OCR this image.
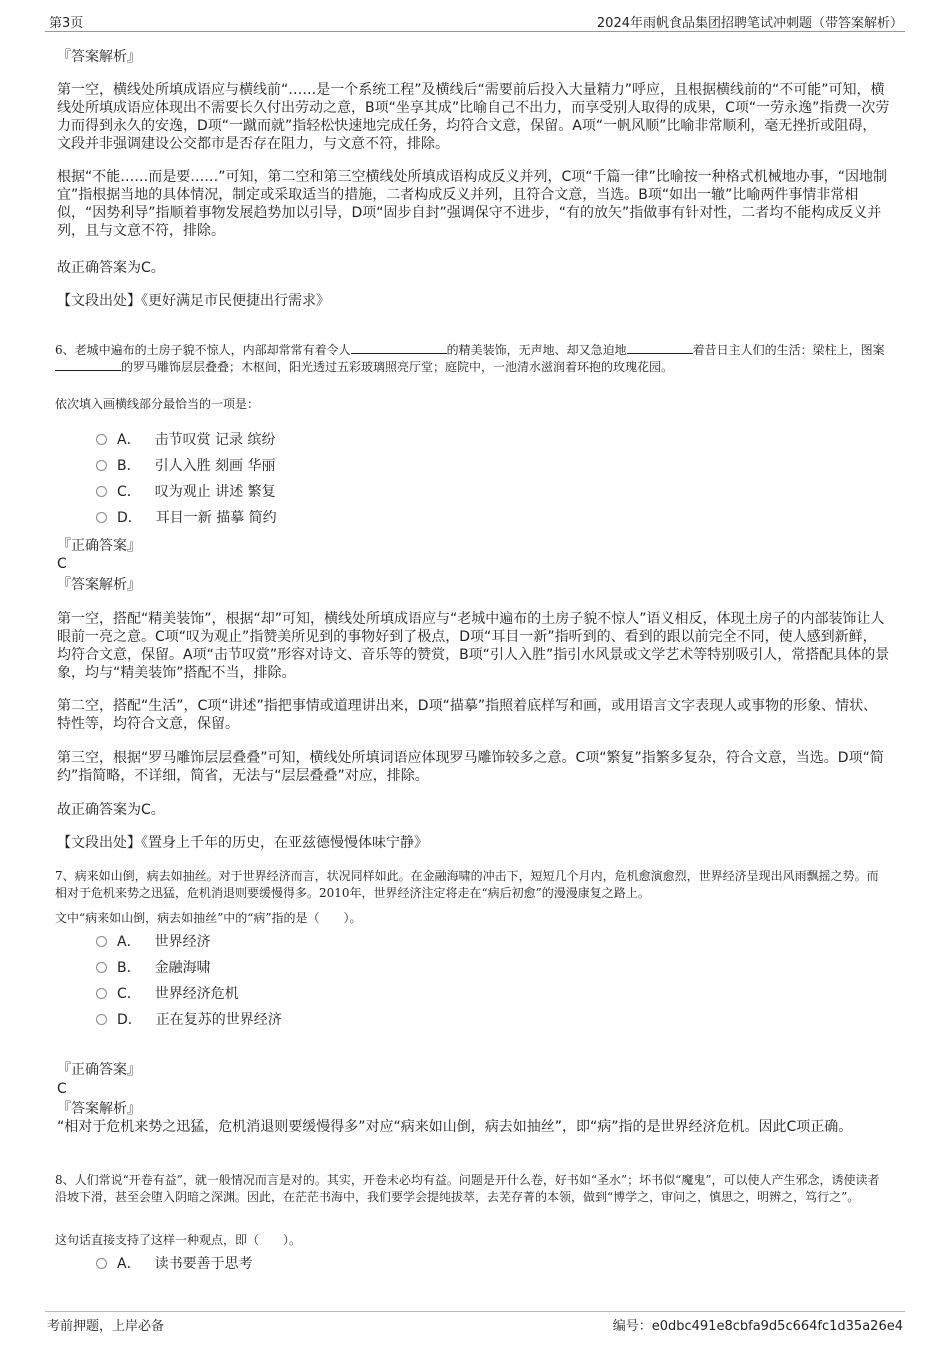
第3页	2024年雨帆食品集团招聘笔试冲刺题（带答案解析）
『答案解析』
第一空，横线处所填成语应与横线前“……是一个系统工程”及横线后“需要前后投入大量精力”呼应，且根据横线前的“不可能”可知，横线处所填成语应体现出不需要长久付出劳动之意，B项“坐享其成”比喻自己不出力，而享受别人取得的成果，C项“一劳永逸”指费一次劳力而得到永久的安逸，D项“一蹴而就”指轻松快速地完成任务，均符合文意，保留。A项“一帆风顺”比喻非常顺利，毫无挫折或阻碍，文段并非强调建设公交都市是否存在阻力，与文意不符，排除。
根据“不能……而是要……”可知，第二空和第三空横线处所填成语构成反义并列，C项“千篇一律”比喻按一种格式机械地办事，“因地制宜”指根据当地的具体情况，制定或采取适当的措施，二者构成反义并列，且符合文意，当选。B项“如出一辙”比喻两件事情非常相似，“因势利导”指顺着事物发展趋势加以引导，D项“固步自封”强调保守不进步，“有的放矢”指做事有针对性，二者均不能构成反义并列，且与文意不符，排除。
故正确答案为C。
【文段出处】《更好满足市民便捷出行需求》
6、老城中遍布的土房子貌不惊人，内部却常常有着令人	的精美装饰，无声地、却又急迫地	着昔日主人们的生活：梁柱上，图案的罗马雕饰层层叠叠；木枢间，阳光透过五彩玻璃照亮厅堂；庭院中，一池清水滋润着环抱的玫瑰花园。
依次填入画横线部分最恰当的一项是：
A． 击节叹赏 记录 缤纷
B． 引人入胜 刻画 华丽
C． 叹为观止 讲述 繁复
D． 耳目一新 描摹 简约
『正确答案』
C
『答案解析』
第一空，搭配“精美装饰”，根据“却”可知，横线处所填成语应与“老城中遍布的土房子貌不惊人”语义相反，体现土房子的内部装饰让人眼前一亮之意。C项“叹为观止”指赞美所见到的事物好到了极点，D项“耳目一新”指听到的、看到的跟以前完全不同，使人感到新鲜，均符合文意，保留。A项“击节叹赏”形容对诗文、音乐等的赞赏，B项“引人入胜”指引水风景或文学艺术等特别吸引人，常搭配具体的景象，均与“精美装饰”搭配不当，排除。
第二空，搭配“生活”，C项“讲述”指把事情或道理讲出来，D项“描摹”指照着底样写和画，或用语言文字表现人或事物的形象、情状、特性等，均符合文意，保留。
第三空，根据“罗马雕饰层层叠叠”可知，横线处所填词语应体现罗马雕饰较多之意。C项“繁复”指繁多复杂，符合文意，当选。D项“简约”指简略，不详细，简省，无法与“层层叠叠”对应，排除。
故正确答案为C。
【文段出处】《置身上千年的历史，在亚兹德慢慢体味宁静》
7、病来如山倒，病去如抽丝。对于世界经济而言，状况同样如此。在金融海啸的冲击下，短短几个月内，危机愈演愈烈，世界经济呈现出风雨飘摇之势。而相对于危机来势之迅猛，危机消退则要缓慢得多。2010年，世界经济注定将走在“病后初愈”的漫漫康复之路上。
文中“病来如山倒，病去如抽丝”中的“病”指的是（　　）。
A． 世界经济
B． 金融海啸
C． 世界经济危机
D． 正在复苏的世界经济
『正确答案』
C
『答案解析』
“相对于危机来势之迅猛，危机消退则要缓慢得多”对应“病来如山倒，病去如抽丝”，即“病”指的是世界经济危机。因此C项正确。
8、人们常说“开卷有益”，就一般情况而言是对的。其实，开卷未必均有益。问题是开什么卷，好书如“圣水”；坏书似“魔鬼”，可以使人产生邪念，诱使读者沿坡下滑，甚至会堕入阴暗之深渊。因此，在茫茫书海中，我们要学会提纯拔萃，去芜存菁的本领，做到“博学之，审问之，慎思之，明辨之，笃行之”。
这句话直接支持了这样一种观点，即（　　）。
A． 读书要善于思考
考前押题，上岸必备	编号：e0dbc491e8cbfa9d5c664fc1d35a26e4
